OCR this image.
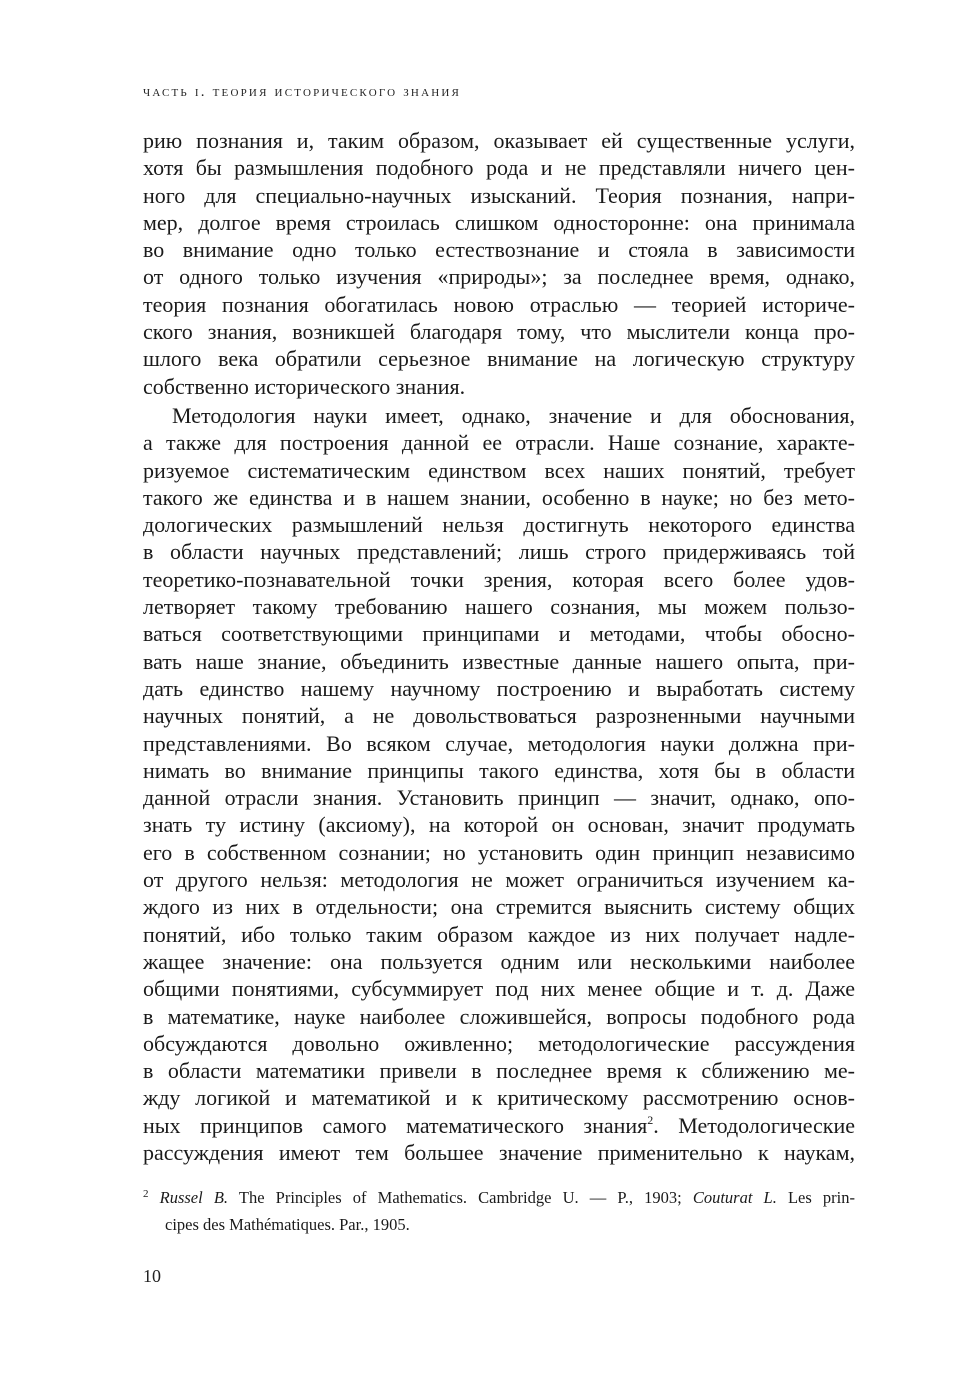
часть i. теория исторического знания
рию познания и, таким образом, оказывает ей существенные услуги,
хотя бы размышления подобного рода и не представляли ничего цен-
ного для специально-научных изысканий. Теория познания, напри-
мер, долгое время строилась слишком односторонне: она принимала
во внимание одно только естествознание и стояла в зависимости
от одного только изучения «природы»; за последнее время, однако,
теория познания обогатилась новою отраслью — теорией историче-
ского знания, возникшей благодаря тому, что мыслители конца про-
шлого века обратили серьезное внимание на логическую структуру
собственно исторического знания.
Методология науки имеет, однако, значение и для обоснования,
а также для построения данной ее отрасли. Наше сознание, характе-
ризуемое систематическим единством всех наших понятий, требует
такого же единства и в нашем знании, особенно в науке; но без мето-
дологических размышлений нельзя достигнуть некоторого единства
в области научных представлений; лишь строго придерживаясь той
теоретико-познавательной точки зрения, которая всего более удов-
летворяет такому требованию нашего сознания, мы можем пользо-
ваться соответствующими принципами и методами, чтобы обосно-
вать наше знание, объединить известные данные нашего опыта, при-
дать единство нашему научному построению и выработать систему
научных понятий, а не довольствоваться разрозненными научными
представлениями. Во всяком случае, методология науки должна при-
нимать во внимание принципы такого единства, хотя бы в области
данной отрасли знания. Установить принцип — значит, однако, опо-
знать ту истину (аксиому), на которой он основан, значит продумать
его в собственном сознании; но установить один принцип независимо
от другого нельзя: методология не может ограничиться изучением ка-
ждого из них в отдельности; она стремится выяснить систему общих
понятий, ибо только таким образом каждое из них получает надле-
жащее значение: она пользуется одним или несколькими наиболее
общими понятиями, субсуммирует под них менее общие и т. д. Даже
в математике, науке наиболее сложившейся, вопросы подобного рода
обсуждаются довольно оживленно; методологические рассуждения
в области математики привели в последнее время к сближению ме-
жду логикой и математикой и к критическому рассмотрению основ-
ных принципов самого математического знания$^2$. Методологические
рассуждения имеют тем большее значение применительно к наукам,
$^2$ Russel B. The Principles of Mathematics. Cambridge U. — P., 1903; Couturat L. Les prin-
cipes des Mathématiques. Par., 1905.
10
